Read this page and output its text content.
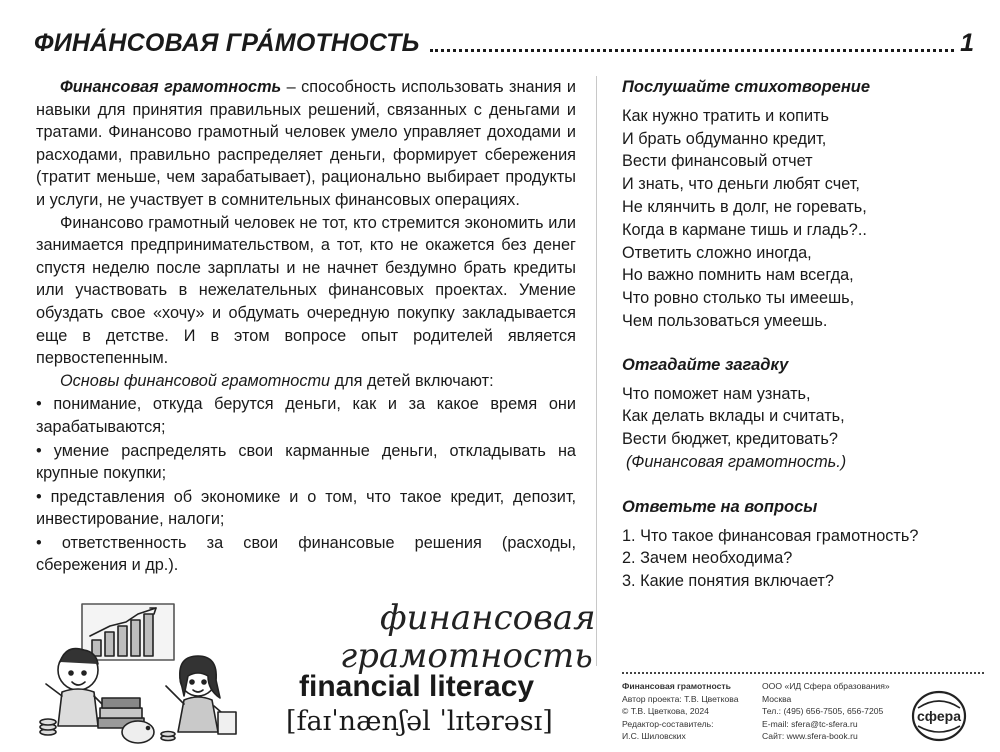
ФИНА́НСОВАЯ ГРА́МОТНОСТЬ	1

Финансовая грамотность – способность использовать знания и навыки для принятия правильных решений, связанных с деньгами и тратами. Финансово грамотный человек умело управляет доходами и расходами, правильно распределяет деньги, формирует сбережения (тратит меньше, чем зарабатывает), рационально выбирает продукты и услуги, не участвует в сомнительных финансовых операциях.

Финансово грамотный человек не тот, кто стремится экономить или занимается предпринимательством, а тот, кто не окажется без денег спустя неделю после зарплаты и не начнет бездумно брать кредиты или участвовать в нежелательных финансовых проектах. Умение обуздать свое «хочу» и обдумать очередную покупку закладывается еще в детстве. И в этом вопросе опыт родителей является первостепенным.

Основы финансовой грамотности для детей включают:

• понимание, откуда берутся деньги, как и за какое время они зарабатываются;

• умение распределять свои карманные деньги, откладывать на крупные покупки;

• представления об экономике и о том, что такое кредит, депозит, инвестирование, налоги;

• ответственность за свои финансовые решения (расходы, сбережения и др.).

Послушайте стихотворение
Как нужно тратить и копить
И брать обдуманно кредит,
Вести финансовый отчет
И знать, что деньги любят счет,
Не клянчить в долг, не горевать,
Когда в кармане тишь и гладь?..
Ответить сложно иногда,
Но важно помнить нам всегда,
Что ровно столько ты имеешь,
Чем пользоваться умеешь.
Отгадайте загадку
Что поможет нам узнать,
Как делать вклады и считать,
Вести бюджет, кредитовать?
(Финансовая грамотность.)
Ответьте на вопросы
1. Что такое финансовая грамотность?
2. Зачем необходима?
3. Какие понятия включает?
финансовая
грамотность
financial literacy
[faɪˈnænʃəl ˈlɪtərəsɪ]
Финансовая грамотность
Автор проекта: Т.В. Цветкова
© Т.В. Цветкова, 2024
Редактор-составитель:
И.С. Шиловских
ООО «ИД Сфера образования»
Москва
Тел.: (495) 656-7505, 656-7205
E-mail: sfera@tc-sfera.ru
Сайт: www.sfera-book.ru
сфера
